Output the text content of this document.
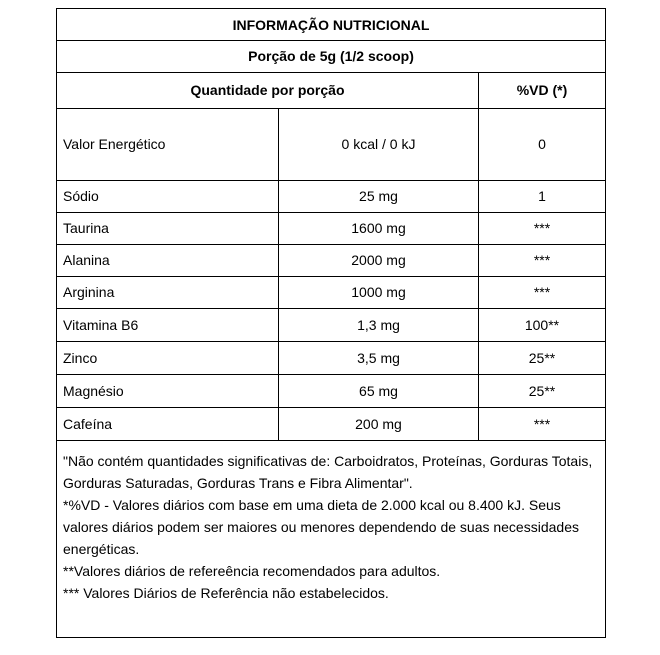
INFORMAÇÃO NUTRICIONAL
Porção de 5g (1/2 scoop)
Quantidade por porção	%VD (*)
Valor Energético	0 kcal / 0 kJ	0
Sódio	25 mg	1
Taurina	1600 mg	***
Alanina	2000 mg	***
Arginina	1000 mg	***
Vitamina B6	1,3 mg	100**
Zinco	3,5 mg	25**
Magnésio	65 mg	25**
Cafeína	200 mg	***

"Não contém quantidades significativas de: Carboidratos, Proteínas, Gorduras Totais, Gorduras Saturadas, Gorduras Trans e Fibra Alimentar".

*%VD - Valores diários com base em uma dieta de 2.000 kcal ou 8.400 kJ. Seus valores diários podem ser maiores ou menores dependendo de suas necessidades energéticas.

**Valores diários de refereência recomendados para adultos.

*** Valores Diários de Referência não estabelecidos.
